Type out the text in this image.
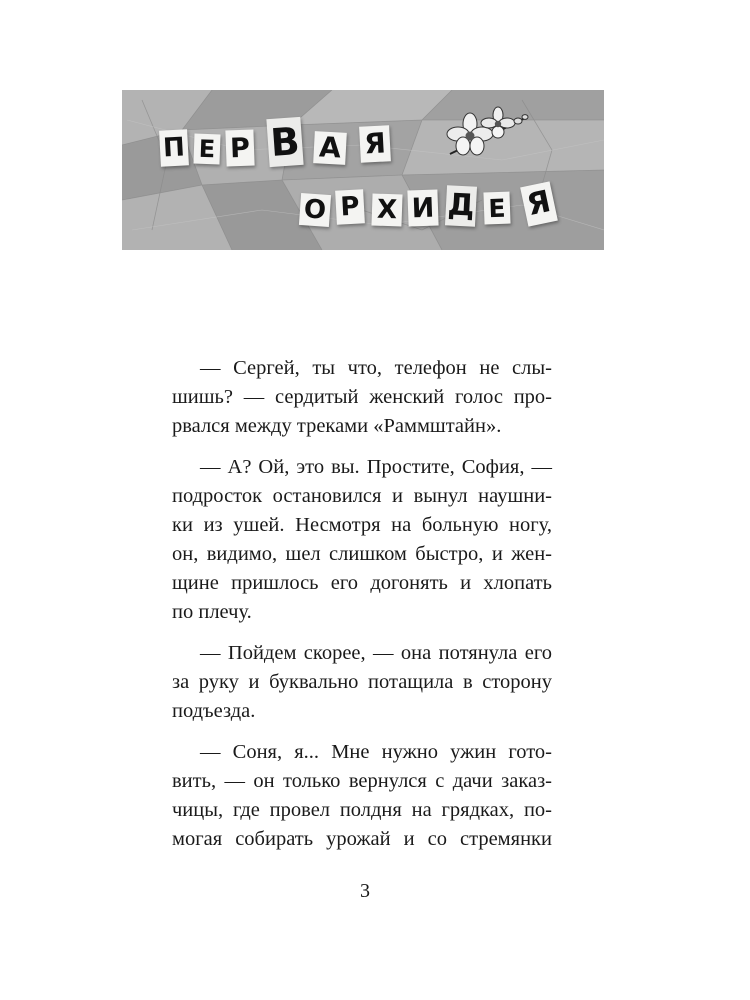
П Е Р В А Я
О Р Х И Д Е Я

— Сергей, ты что, телефон не слы-
шишь? — сердитый женский голос про-
рвался между треками «Раммштайн».

— А? Ой, это вы. Простите, София, —
подросток остановился и вынул наушни-
ки из ушей. Несмотря на больную ногу,
он, видимо, шел слишком быстро, и жен-
щине пришлось его догонять и хлопать
по плечу.

— Пойдем скорее, — она потянула его
за руку и буквально потащила в сторону
подъезда.

— Соня, я... Мне нужно ужин гото-
вить, — он только вернулся с дачи заказ-
чицы, где провел полдня на грядках, по-
могая собирать урожай и со стремянки

3
